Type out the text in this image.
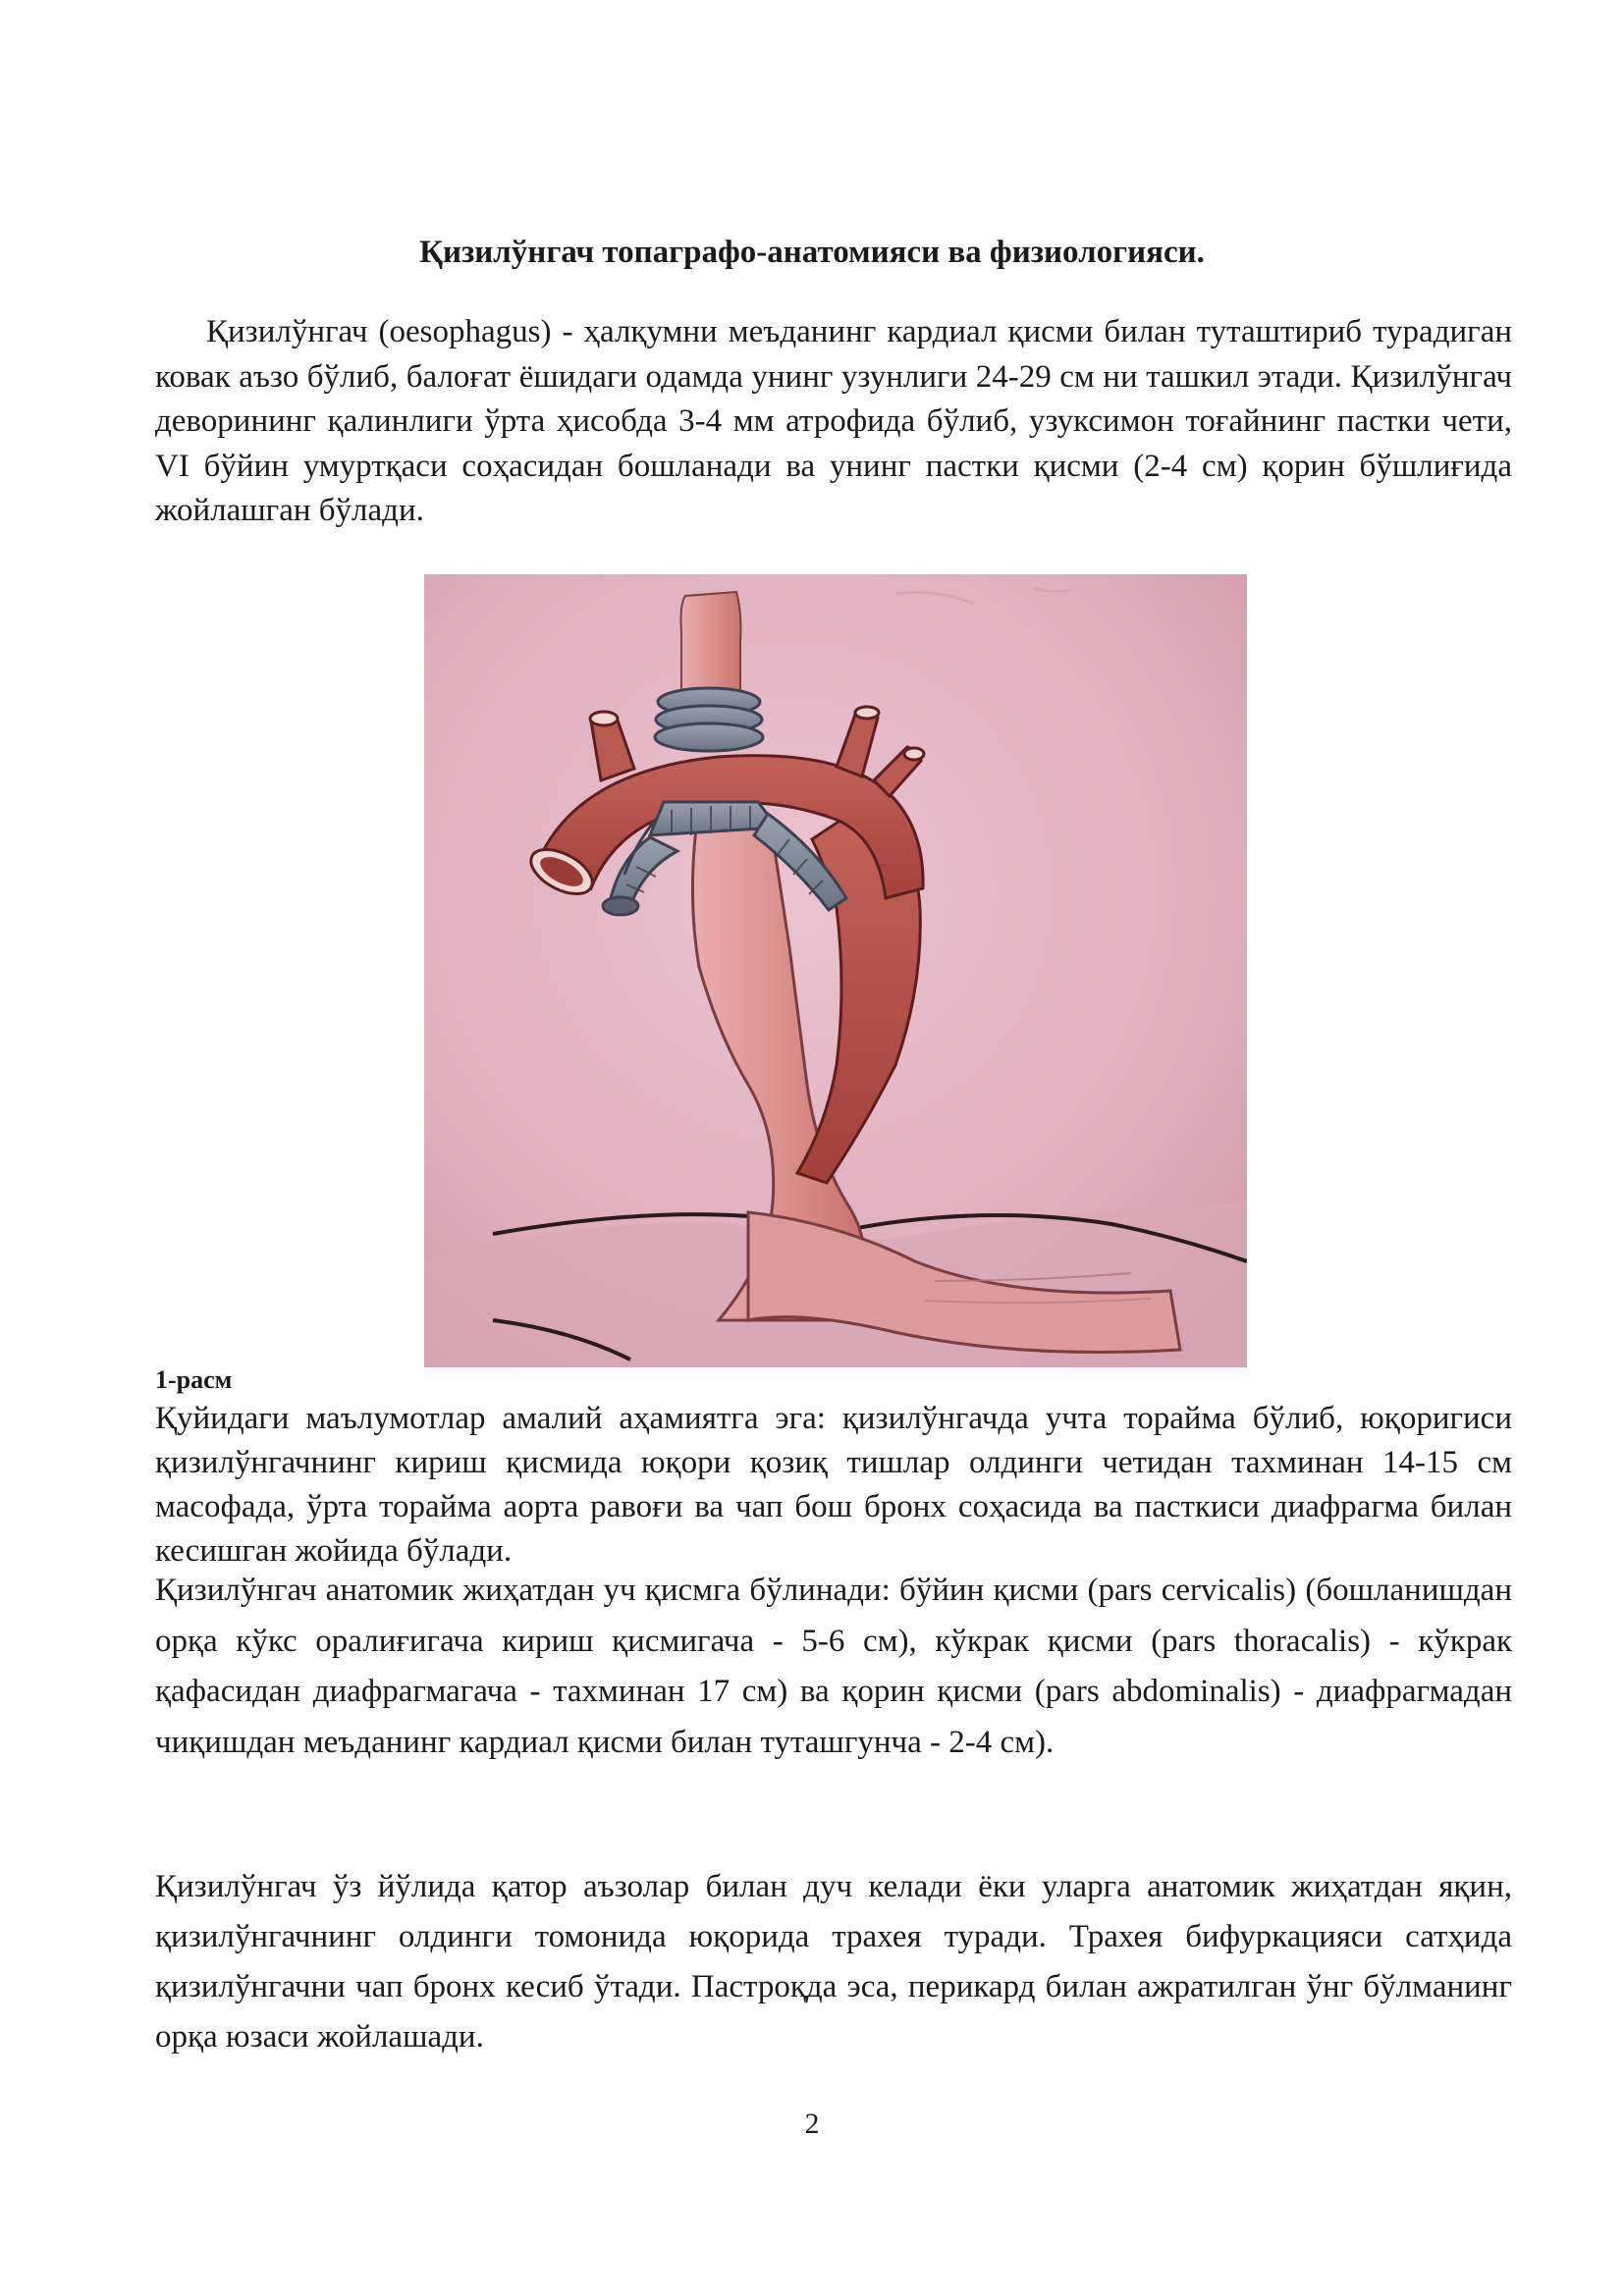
Қизилўнгач топаграфо-анатомияси ва физиологияси.
Қизилўнгач (oesophagus) - ҳалқумни меъданинг кардиал қисми билан туташтириб турадиган ковак аъзо бўлиб, балоғат ёшидаги одамда унинг узунлиги 24-29 см ни ташкил этади. Қизилўнгач деворининг қалинлиги ўрта ҳисобда 3-4 мм атрофида бўлиб, узуксимон тоғайнинг пастки чети, VI бўйин умуртқаси соҳасидан бошланади ва унинг пастки қисми (2-4 см) қорин бўшлиғида жойлашган бўлади.
1-расм
Қуйидаги маълумотлар амалий аҳамиятга эга: қизилўнгачда учта торайма бўлиб, юқоригиси қизилўнгачнинг кириш қисмида юқори қозиқ тишлар олдинги четидан тахминан 14-15 см масофада, ўрта торайма аорта равоғи ва чап бош бронх соҳасида ва пасткиси диафрагма билан кесишган жойида бўлади.
Қизилўнгач анатомик жиҳатдан уч қисмга бўлинади: бўйин қисми (pars cervicalis) (бошланишдан орқа кўкс оралиғигача кириш қисмигача - 5-6 см), кўкрак қисми (pars thoracalis) - кўкрак қафасидан диафрагмагача - тахминан 17 см) ва қорин қисми (pars abdominalis) - диафрагмадан чиқишдан меъданинг кардиал қисми билан туташгунча - 2-4 см).
Қизилўнгач ўз йўлида қатор аъзолар билан дуч келади ёки уларга анатомик жиҳатдан яқин, қизилўнгачнинг олдинги томонида юқорида трахея туради. Трахея бифуркацияси сатҳида қизилўнгачни чап бронх кесиб ўтади. Пастроқда эса, перикард билан ажратилган ўнг бўлманинг орқа юзаси жойлашади.
2
